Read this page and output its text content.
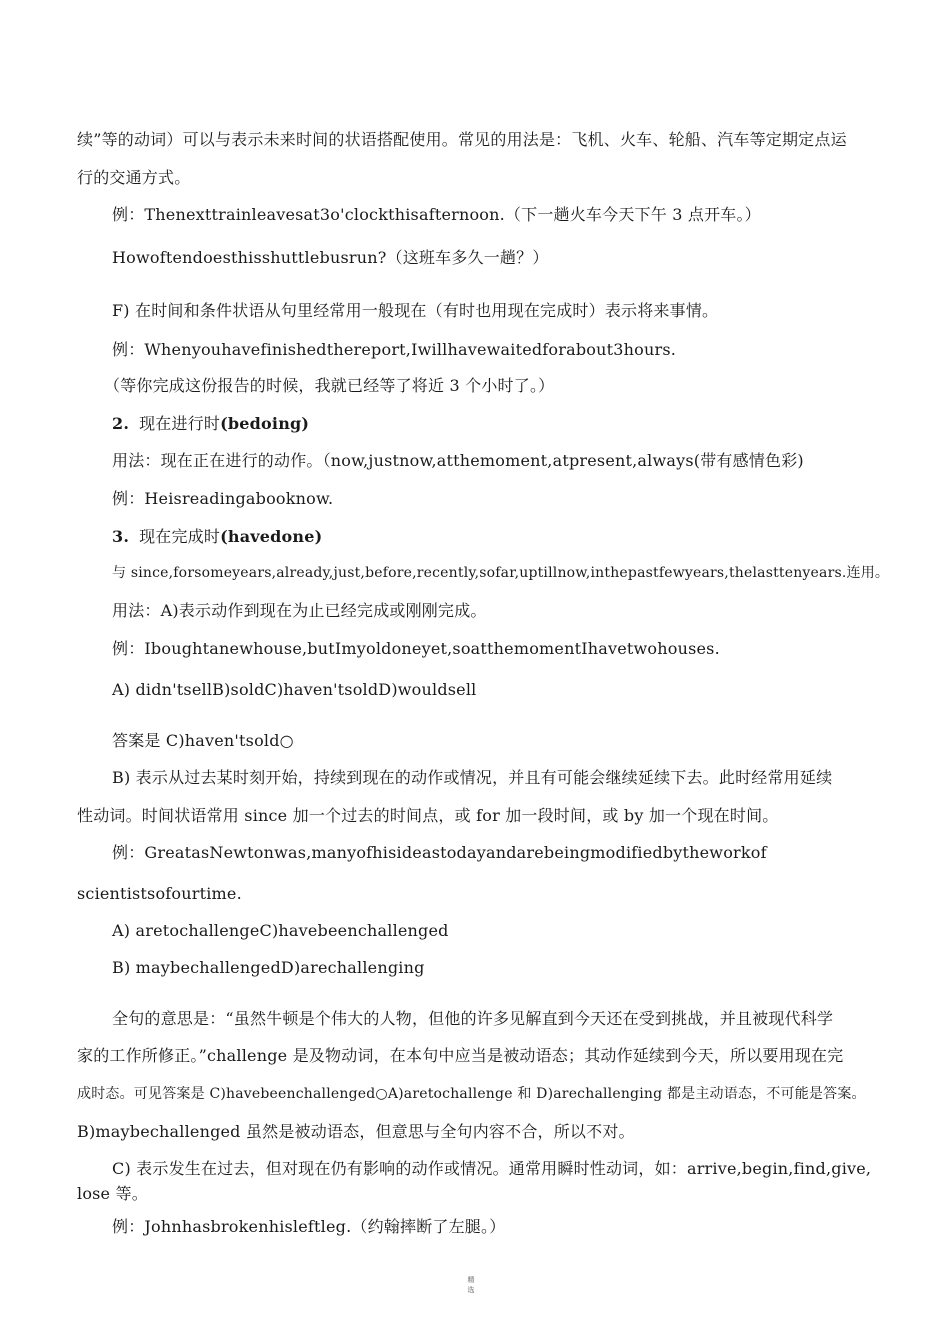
续”等的动词）可以与表示未来时间的状语搭配使用。常见的用法是：飞机、火车、轮船、汽车等定期定点运
行的交通方式。
例：Thenexttrainleavesat3o'clockthisafternoon.（下一趟火车今天下午 3 点开车。）
Howoftendoesthisshuttlebusrun?（这班车多久一趟？）
F) 在时间和条件状语从句里经常用一般现在（有时也用现在完成时）表示将来事情。
例：Whenyouhavefinishedthereport,Iwillhavewaitedforabout3hours.
（等你完成这份报告的时候，我就已经等了将近 3 个小时了。）
2. 现在进行时(bedoing)
用法：现在正在进行的动作。（now,justnow,atthemoment,atpresent,always(带有感情色彩)
例：Heisreadingabooknow.
3. 现在完成时(havedone)
与 since,forsomeyears,already,just,before,recently,sofar,uptillnow,inthepastfewyears,thelasttenyears.连用。
用法：A)表示动作到现在为止已经完成或刚刚完成。
例：Iboughtanewhouse,butImyoldoneyet,soatthemomentIhavetwohouses.
A) didn'tsellB)soldC)haven'tsoldD)wouldsell
答案是 C)haven'tsold○
B) 表示从过去某时刻开始，持续到现在的动作或情况，并且有可能会继续延续下去。此时经常用延续
性动词。时间状语常用 since 加一个过去的时间点，或 for 加一段时间，或 by 加一个现在时间。
例：GreatasNewtonwas,manyofhisideastodayandarebeingmodifiedbytheworkof
scientistsofourtime.
A) aretochallengeC)havebeenchallenged
B) maybechallengedD)arechallenging
全句的意思是：“虽然牛顿是个伟大的人物，但他的许多见解直到今天还在受到挑战，并且被现代科学
家的工作所修正。”challenge 是及物动词，在本句中应当是被动语态；其动作延续到今天，所以要用现在完
成时态。可见答案是 C)havebeenchallenged○A)aretochallenge 和 D)arechallenging 都是主动语态，不可能是答案。
B)maybechallenged 虽然是被动语态，但意思与全句内容不合，所以不对。
C) 表示发生在过去，但对现在仍有影响的动作或情况。通常用瞬时性动词，如：arrive,begin,find,give,
lose 等。
例：Johnhasbrokenhisleftleg.（约翰摔断了左腿。）
精
选
